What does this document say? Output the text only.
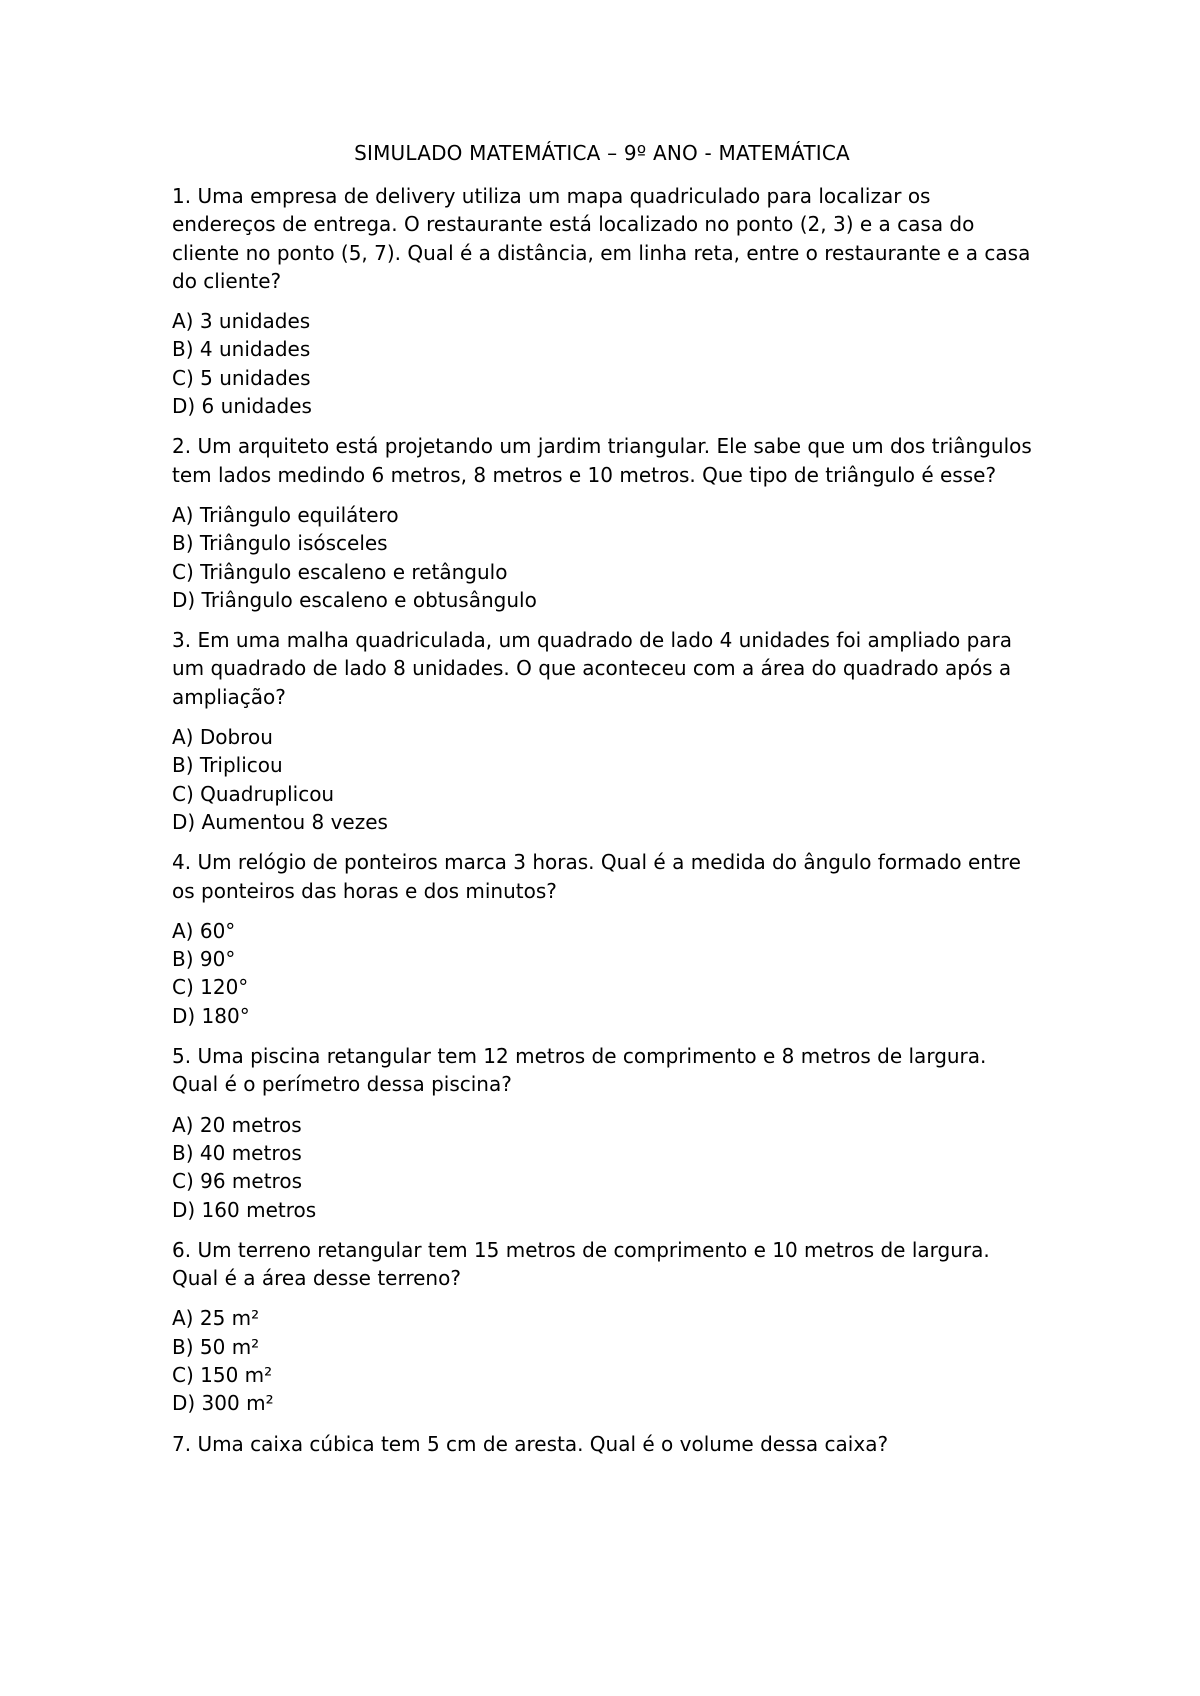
SIMULADO MATEMÁTICA – 9º ANO - MATEMÁTICA

1. Uma empresa de delivery utiliza um mapa quadriculado para localizar os endereços de entrega. O restaurante está localizado no ponto (2, 3) e a casa do cliente no ponto (5, 7). Qual é a distância, em linha reta, entre o restaurante e a casa do cliente?

A) 3 unidades
B) 4 unidades
C) 5 unidades
D) 6 unidades

2. Um arquiteto está projetando um jardim triangular. Ele sabe que um dos triângulos tem lados medindo 6 metros, 8 metros e 10 metros. Que tipo de triângulo é esse?

A) Triângulo equilátero
B) Triângulo isósceles
C) Triângulo escaleno e retângulo
D) Triângulo escaleno e obtusângulo

3. Em uma malha quadriculada, um quadrado de lado 4 unidades foi ampliado para um quadrado de lado 8 unidades. O que aconteceu com a área do quadrado após a ampliação?

A) Dobrou
B) Triplicou
C) Quadruplicou
D) Aumentou 8 vezes

4. Um relógio de ponteiros marca 3 horas. Qual é a medida do ângulo formado entre os ponteiros das horas e dos minutos?

A) 60°
B) 90°
C) 120°
D) 180°

5. Uma piscina retangular tem 12 metros de comprimento e 8 metros de largura. Qual é o perímetro dessa piscina?

A) 20 metros
B) 40 metros
C) 96 metros
D) 160 metros

6. Um terreno retangular tem 15 metros de comprimento e 10 metros de largura. Qual é a área desse terreno?

A) 25 m²
B) 50 m²
C) 150 m²
D) 300 m²

7. Uma caixa cúbica tem 5 cm de aresta. Qual é o volume dessa caixa?
